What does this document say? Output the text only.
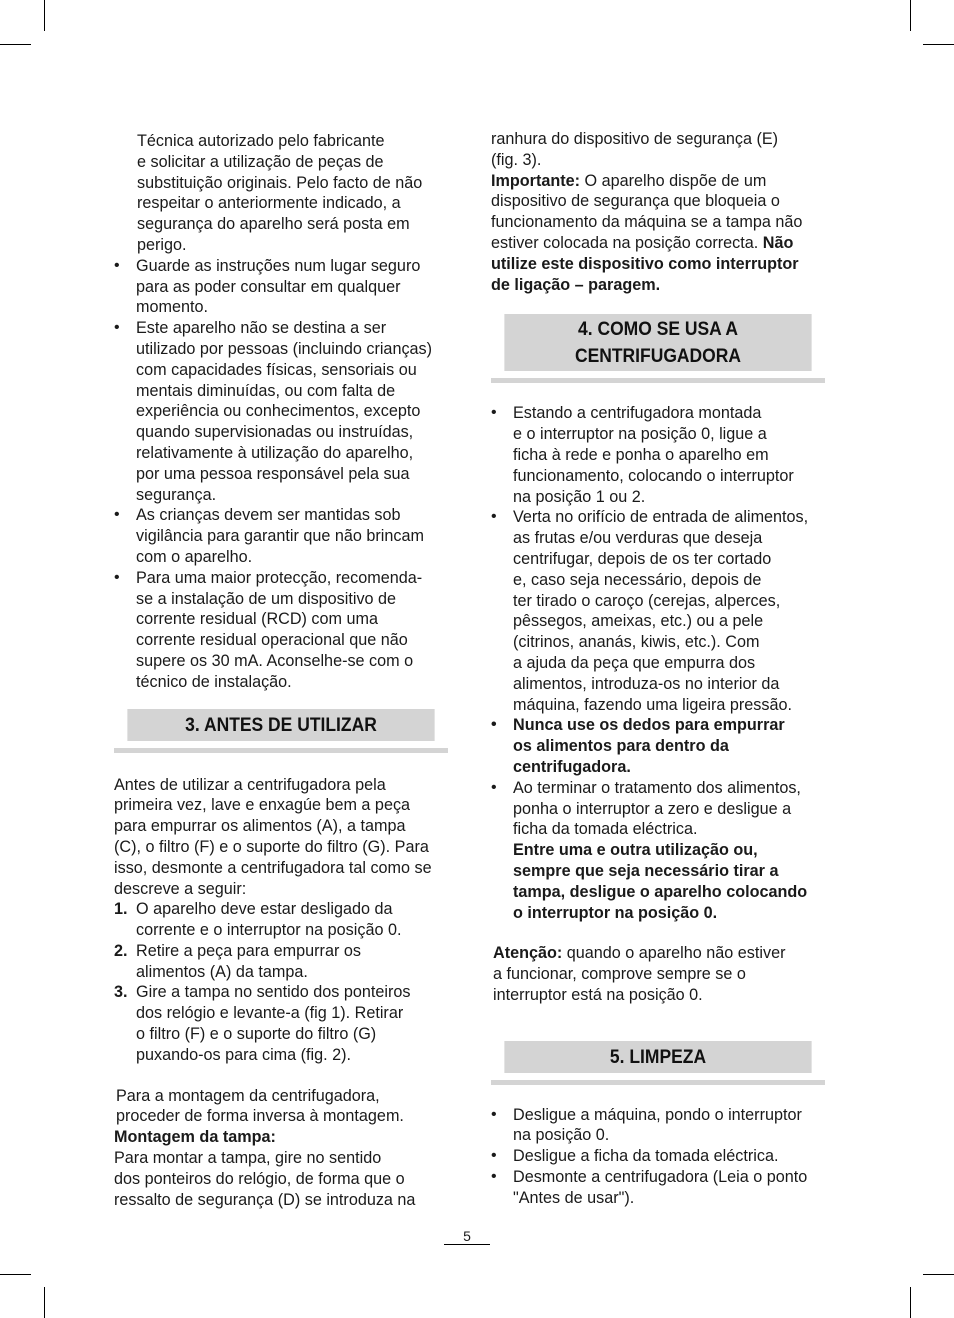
Técnica autorizado pelo fabricante

e solicitar a utilização de peças de

substituição originais. Pelo facto de não

respeitar o anteriormente indicado, a

segurança do aparelho será posta em

perigo.

• Guarde as instruções num lugar seguro

para as poder consultar em qualquer

momento.

• Este aparelho não se destina a ser

utilizado por pessoas (incluindo crianças)

com capacidades físicas, sensoriais ou

mentais diminuídas, ou com falta de

experiência ou conhecimentos, excepto

quando supervisionadas ou instruídas,

relativamente à utilização do aparelho,

por uma pessoa responsável pela sua

segurança.

• As crianças devem ser mantidas sob

vigilância para garantir que não brincam

com o aparelho.

• Para uma maior protecção, recomenda-

se a instalação de um dispositivo de

corrente residual (RCD) com uma

corrente residual operacional que não

supere os 30 mA. Aconselhe-se com o

técnico de instalação.

3. ANTES DE UTILIZAR

Antes de utilizar a centrifugadora pela

primeira vez, lave e enxagúe bem a peça

para empurrar os alimentos (A), a tampa

(C), o filtro (F) e o suporte do filtro (G). Para

isso, desmonte a centrifugadora tal como se

descreve a seguir:

1. O aparelho deve estar desligado da

corrente e o interruptor na posição 0.

2. Retire a peça para empurrar os

alimentos (A) da tampa.

3. Gire a tampa no sentido dos ponteiros

dos relógio e levante-a (fig 1). Retirar

o filtro (F) e o suporte do filtro (G)

puxando-os para cima (fig. 2).

Para a montagem da centrifugadora,

proceder de forma inversa à montagem.

Montagem da tampa:

Para montar a tampa, gire no sentido

dos ponteiros do relógio, de forma que o

ressalto de segurança (D) se introduza na

ranhura do dispositivo de segurança (E)

(fig. 3).

Importante: O aparelho dispõe de um

dispositivo de segurança que bloqueia o

funcionamento da máquina se a tampa não

estiver colocada na posição correcta. Não

utilize este dispositivo como interruptor

de ligação – paragem.

4. COMO SE USA A
CENTRIFUGADORA

• Estando a centrifugadora montada

e o interruptor na posição 0, ligue a

ficha à rede e ponha o aparelho em

funcionamento, colocando o interruptor

na posição 1 ou 2.

• Verta no orifício de entrada de alimentos,

as frutas e/ou verduras que deseja

centrifugar, depois de os ter cortado

e, caso seja necessário, depois de

ter tirado o caroço (cerejas, alperces,

pêssegos, ameixas, etc.) ou a pele

(citrinos, ananás, kiwis, etc.). Com

a ajuda da peça que empurra dos

alimentos, introduza-os no interior da

máquina, fazendo uma ligeira pressão.

• Nunca use os dedos para empurrar

os alimentos para dentro da

centrifugadora.

• Ao terminar o tratamento dos alimentos,

ponha o interruptor a zero e desligue a

ficha da tomada eléctrica.

Entre uma e outra utilização ou,

sempre que seja necessário tirar a

tampa, desligue o aparelho colocando

o interruptor na posição 0.

Atenção: quando o aparelho não estiver

a funcionar, comprove sempre se o

interruptor está na posição 0.

5. LIMPEZA

• Desligue a máquina, pondo o interruptor

na posição 0.

• Desligue a ficha da tomada eléctrica.

• Desmonte a centrifugadora (Leia o ponto

"Antes de usar").

5
